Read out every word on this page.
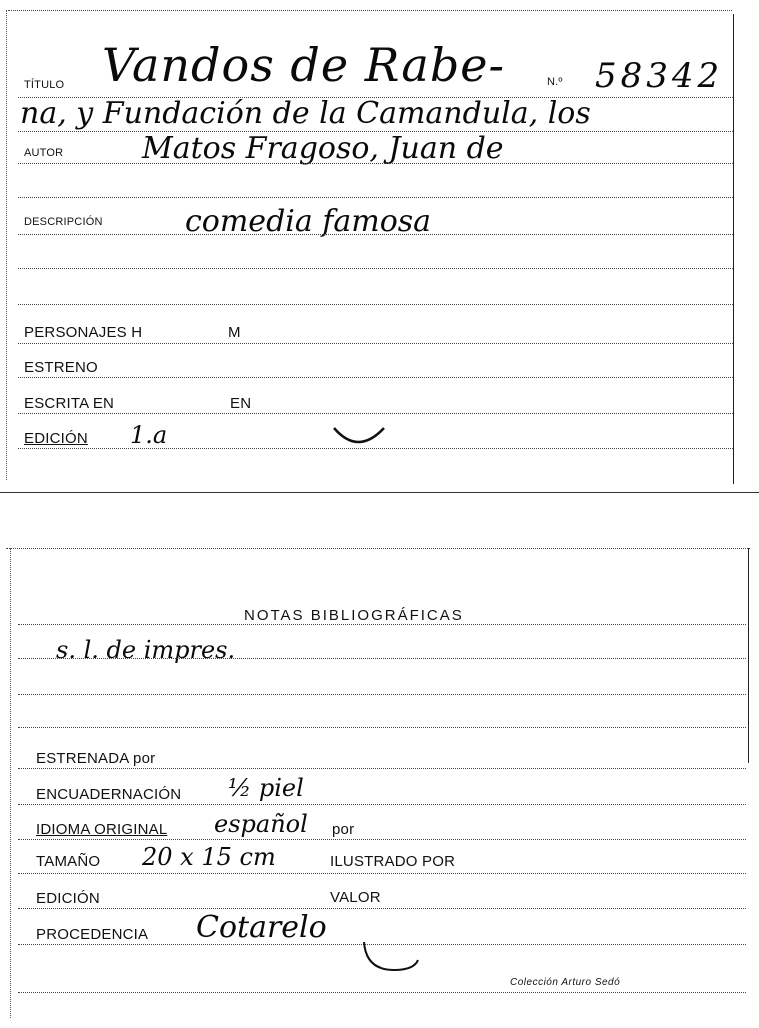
TÍTULO Vandos de Rabe-	N.º 58342
na, y Fundación de la Camandula, los
AUTOR	Matos Fragoso, Juan de
DESCRIPCIÓN	comedia famosa
PERSONAJES H	M
ESTRENO
ESCRITA EN	EN
EDICIÓN 1.a
NOTAS BIBLIOGRÁFICAS
s. l. de impres.
ESTRENADA por
ENCUADERNACIÓN ½ piel
IDIOMA ORIGINAL español por
TAMAÑO 20 x 15 cm	ILUSTRADO POR
EDICIÓN	VALOR
PROCEDENCIA Cotarelo
Colección Arturo Sedó
